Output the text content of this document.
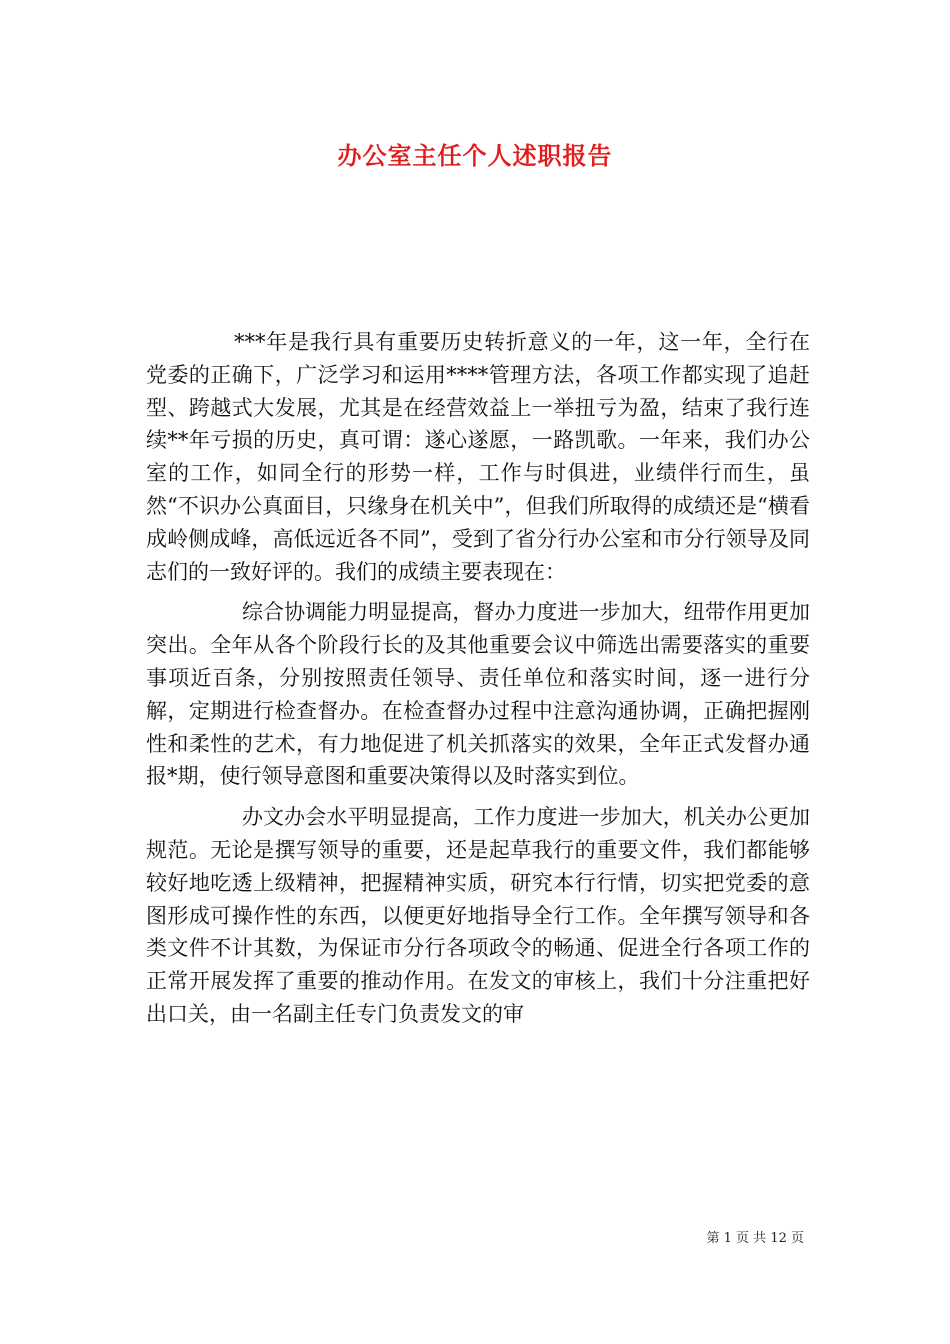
办公室主任个人述职报告

***年是我行具有重要历史转折意义的一年，这一年，全行在党委的正确下，广泛学习和运用****管理方法，各项工作都实现了追赶型、跨越式大发展，尤其是在经营效益上一举扭亏为盈，结束了我行连续**年亏损的历史，真可谓：遂心遂愿，一路凯歌。一年来，我们办公室的工作，如同全行的形势一样，工作与时俱进，业绩伴行而生，虽然“不识办公真面目，只缘身在机关中”，但我们所取得的成绩还是“横看成岭侧成峰，高低远近各不同”，受到了省分行办公室和市分行领导及同志们的一致好评的。我们的成绩主要表现在：

综合协调能力明显提高，督办力度进一步加大，纽带作用更加突出。全年从各个阶段行长的及其他重要会议中筛选出需要落实的重要事项近百条，分别按照责任领导、责任单位和落实时间，逐一进行分解，定期进行检查督办。在检查督办过程中注意沟通协调，正确把握刚性和柔性的艺术，有力地促进了机关抓落实的效果，全年正式发督办通报*期，使行领导意图和重要决策得以及时落实到位。

办文办会水平明显提高，工作力度进一步加大，机关办公更加规范。无论是撰写领导的重要，还是起草我行的重要文件，我们都能够较好地吃透上级精神，把握精神实质，研究本行行情，切实把党委的意图形成可操作性的东西，以便更好地指导全行工作。全年撰写领导和各类文件不计其数，为保证市分行各项政令的畅通、促进全行各项工作的正常开展发挥了重要的推动作用。在发文的审核上，我们十分注重把好出口关，由一名副主任专门负责发文的审

第 1 页 共 12 页
